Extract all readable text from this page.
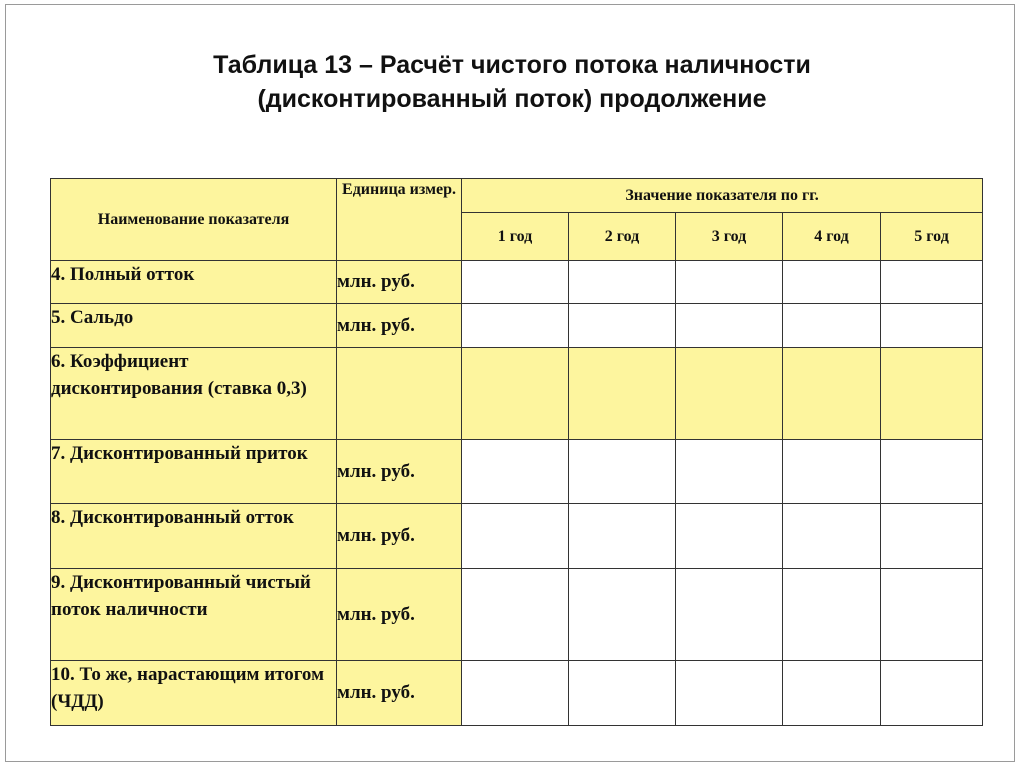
Таблица 13 – Расчёт чистого потока наличности
(дисконтированный поток) продолжение
Наименование показателя	Единица измер.	Значение показателя по гг.				
		1 год	2 год	3 год	4 год	5 год
4. Полный отток	млн. руб.					
5. Сальдо	млн. руб.					
6. Коэффициент дисконтирования (ставка 0,3)						
7. Дисконтированный приток	млн. руб.					
8. Дисконтированный отток	млн. руб.					
9. Дисконтированный чистый поток наличности	млн. руб.					
10. То же, нарастающим итогом (ЧДД)	млн. руб.					
